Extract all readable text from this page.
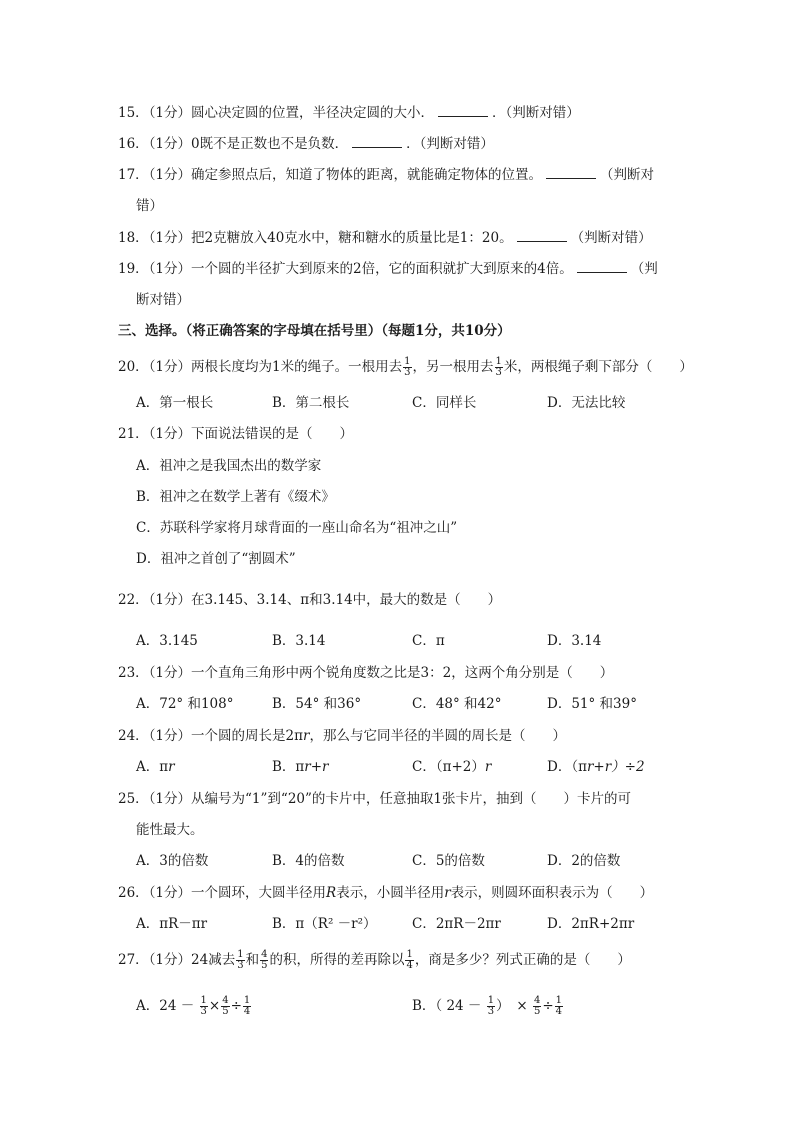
15．（1分）圆心决定圆的位置，半径决定圆的大小．	．（判断对错）
16．（1分）0既不是正数也不是负数．	．（判断对错）
17．（1分）确定参照点后，知道了物体的距离，就能确定物体的位置。	（判断对
错）
18．（1分）把2克糖放入40克水中，糖和糖水的质量比是1：20。	（判断对错）
19．（1分）一个圆的半径扩大到原来的2倍，它的面积就扩大到原来的4倍。	（判
断对错）
三、选择。（将正确答案的字母填在括号里）（每题1分，共10分）
20．（1分）两根长度均为1米的绳子。一根用去 $\frac{1}{3}$ ，另一根用去 $\frac{1}{3}$ 米，两根绳子剩下部分（　　）
A．第一根长	B．第二根长	C．同样长	D．无法比较
21．（1分）下面说法错误的是（　　）
A．祖冲之是我国杰出的数学家
B．祖冲之在数学上著有《缀术》
C．苏联科学家将月球背面的一座山命名为“祖冲之山”
D．祖冲之首创了“割圆术”
22．（1分）在3.145、3.14、π和3.14中，最大的数是（　　）
A．3.145	B．3.14	C．π	D．3.14
23．（1分）一个直角三角形中两个锐角度数之比是3：2，这两个角分别是（　　）
A．72° 和108°	B．54° 和36°	C．48° 和42°	D．51° 和39°
24．（1分）一个圆的周长是2πr，那么与它同半径的半圆的周长是（　　）
A．πr	B．πr+r	C．（π+2）r	D．（πr+r）÷2
25．（1分）从编号为“1”到“20”的卡片中，任意抽取1张卡片，抽到（　　）卡片的可
能性最大。
A．3的倍数	B．4的倍数	C．5的倍数	D．2的倍数
26．（1分）一个圆环，大圆半径用R表示，小圆半径用r表示，则圆环面积表示为（　　）
A．πR－πr	B．π（R² －r²）	C．2πR－2πr	D．2πR+2πr
27．（1分）24减去 $\frac{1}{3}$ 和 $\frac{4}{5}$ 的积，所得的差再除以 $\frac{1}{4}$ ，商是多少？列式正确的是（　　）
A．$24 - \frac{1}{3} \times \frac{4}{5} \div \frac{1}{4}$	B．（ $24 - \frac{1}{3}$ ）　× $\frac{4}{5} \div \frac{1}{4}$
